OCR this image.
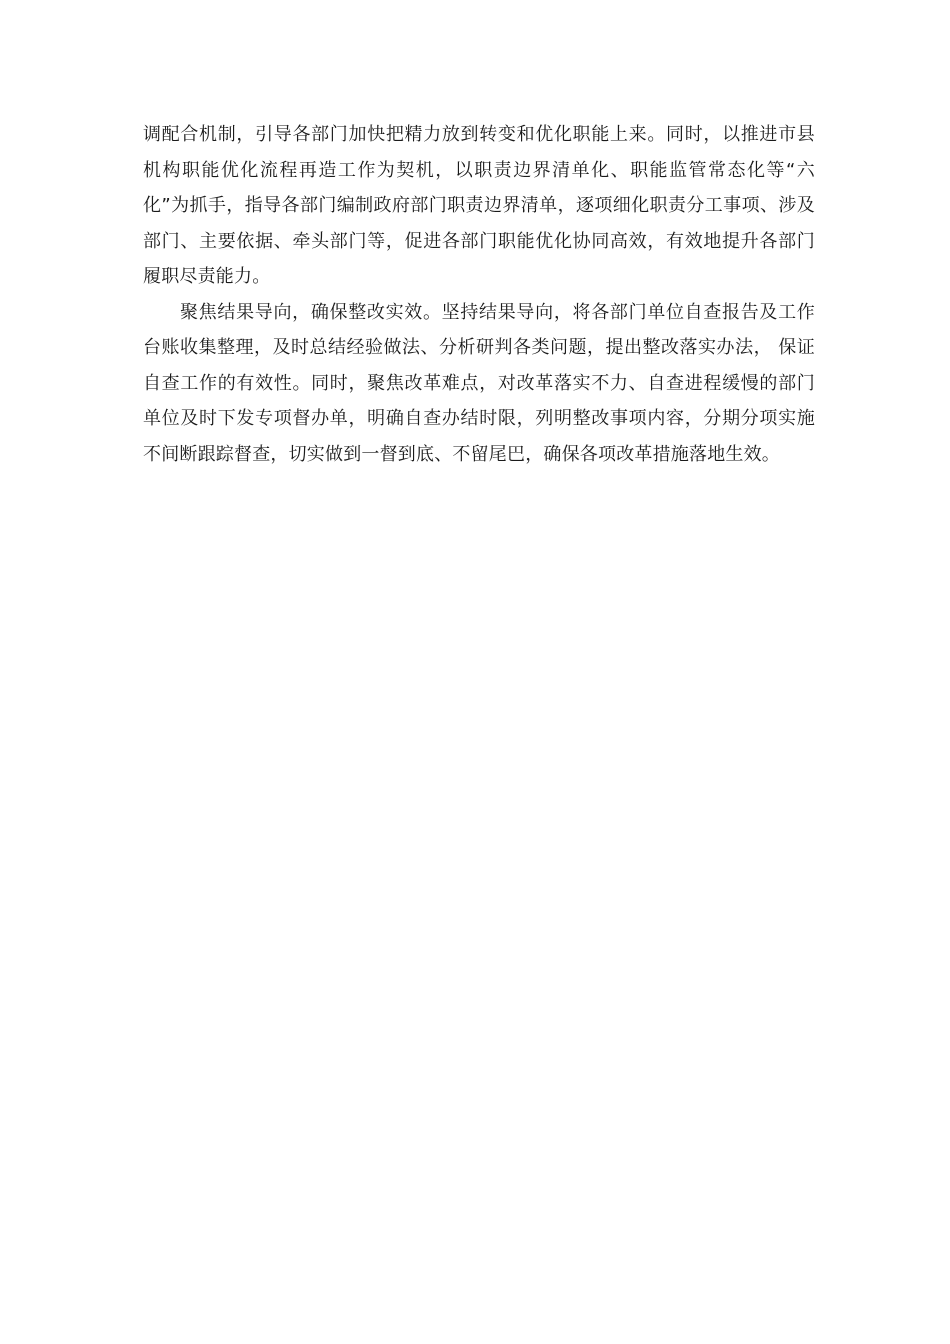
调配合机制，引导各部门加快把精力放到转变和优化职能上来。同时，以推进市县机构职能优化流程再造工作为契机，以职责边界清单化、职能监管常态化等“六化”为抓手，指导各部门编制政府部门职责边界清单，逐项细化职责分工事项、涉及部门、主要依据、牵头部门等，促进各部门职能优化协同高效，有效地提升各部门履职尽责能力。

聚焦结果导向，确保整改实效。坚持结果导向，将各部门单位自查报告及工作台账收集整理，及时总结经验做法、分析研判各类问题，提出整改落实办法， 保证自查工作的有效性。同时，聚焦改革难点，对改革落实不力、自查进程缓慢的部门单位及时下发专项督办单，明确自查办结时限，列明整改事项内容，分期分项实施不间断跟踪督查，切实做到一督到底、不留尾巴，确保各项改革措施落地生效。
